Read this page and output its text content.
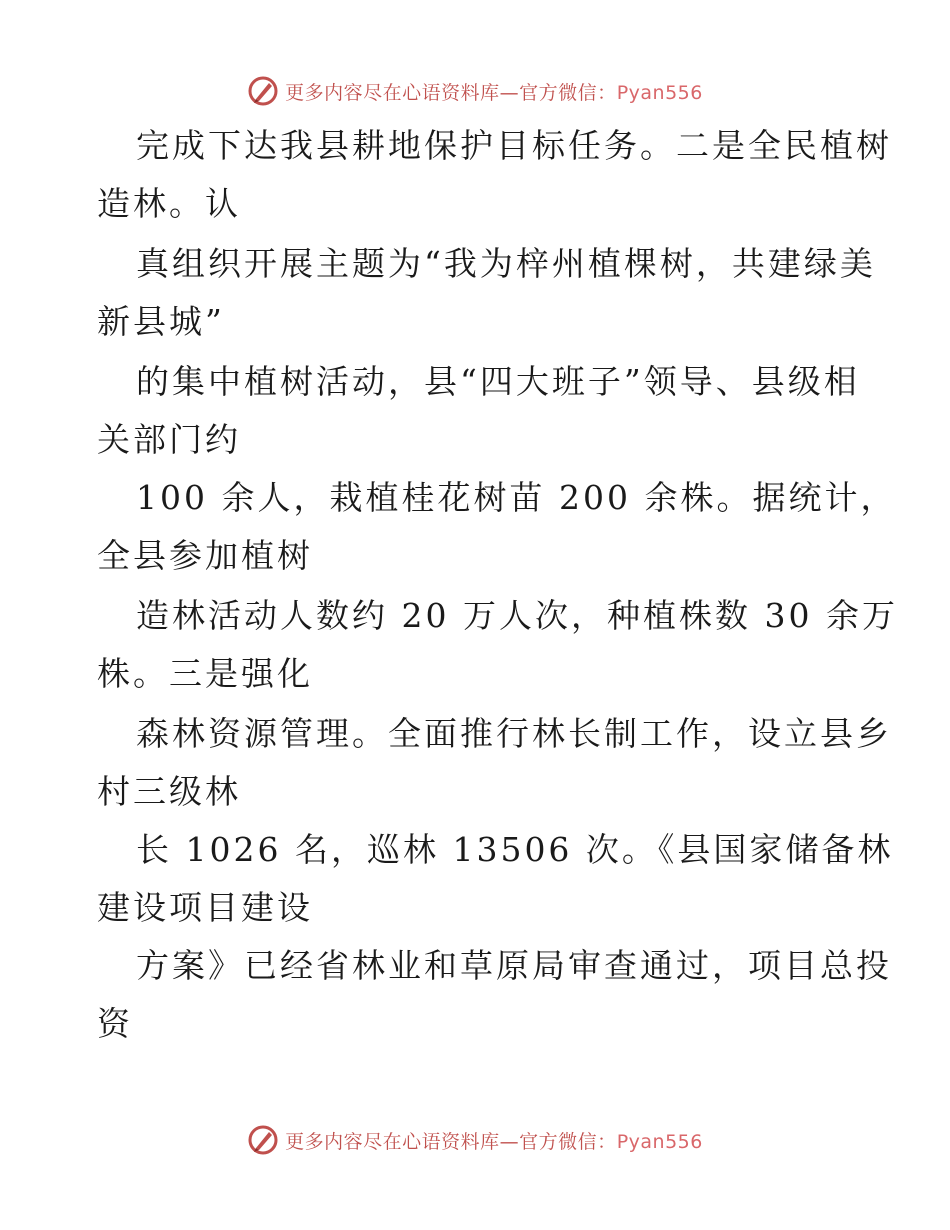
更多内容尽在心语资料库—官方微信：Pyan556
完成下达我县耕地保护目标任务。二是全民植树
造林。认
真组织开展主题为“我为梓州植棵树，共建绿美
新县城”
的集中植树活动，县“四大班子”领导、县级相
关部门约
100 余人，栽植桂花树苗 200 余株。据统计，
全县参加植树
造林活动人数约 20 万人次，种植株数 30 余万
株。三是强化
森林资源管理。全面推行林长制工作，设立县乡
村三级林
长 1026 名，巡林 13506 次。《县国家储备林
建设项目建设
方案》已经省林业和草原局审查通过，项目总投
资
更多内容尽在心语资料库—官方微信：Pyan556
